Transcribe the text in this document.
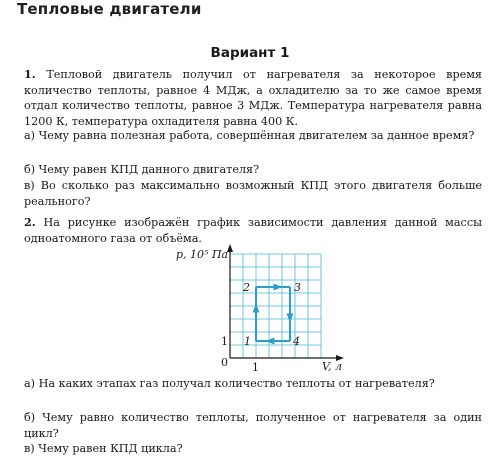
Тепловые двигатели
Вариант 1

1. Тепловой двигатель получил от нагревателя за некоторое время количество теплоты, равное 4 МДж, а охладителю за то же самое время отдал количество теплоты, равное 3 МДж. Температура нагревателя равна 1200 К, температура охладителя равна 400 К.

а) Чему равна полезная работа, совершённая двигателем за данное время?

б) Чему равен КПД данного двигателя?

в) Во сколько раз максимально возможный КПД этого двигателя больше реального?

2. На рисунке изображён график зависимости давления данной массы одноатомного газа от объёма.

p, 10⁵ Па
V, л
0
1
1
1
2	3
4

а) На каких этапах газ получал количество теплоты от нагревателя?

б) Чему равно количество теплоты, полученное от нагревателя за один цикл?

в) Чему равен КПД цикла?
